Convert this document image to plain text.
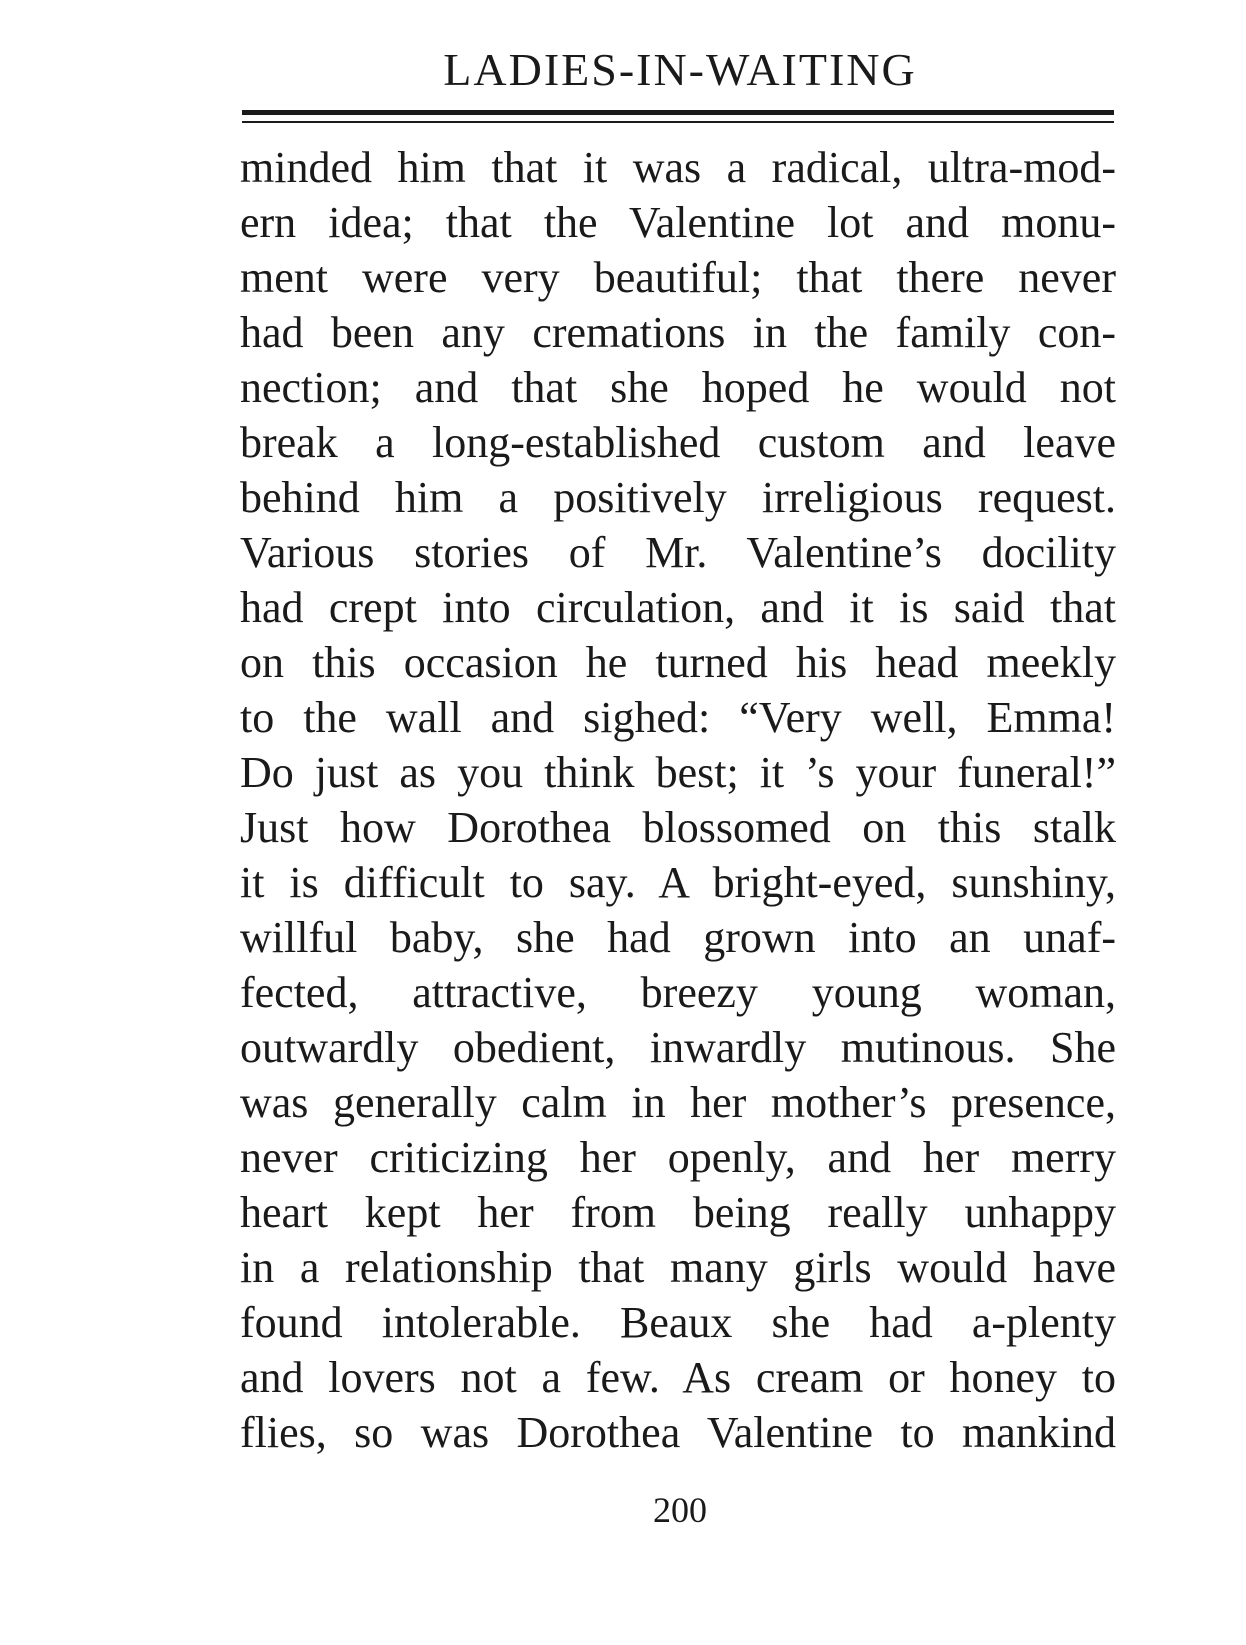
LADIES-IN-WAITING
minded him that it was a radical, ultra-mod-
ern idea; that the Valentine lot and monu-
ment were very beautiful; that there never
had been any cremations in the family con-
nection; and that she hoped he would not
break a long-established custom and leave
behind him a positively irreligious request.
Various stories of Mr. Valentine’s docility
had crept into circulation, and it is said that
on this occasion he turned his head meekly
to the wall and sighed: “Very well, Emma!
Do just as you think best; it ’s your funeral!”
Just how Dorothea blossomed on this stalk
it is difficult to say. A bright-eyed, sunshiny,
willful baby, she had grown into an unaf-
fected, attractive, breezy young woman,
outwardly obedient, inwardly mutinous. She
was generally calm in her mother’s presence,
never criticizing her openly, and her merry
heart kept her from being really unhappy
in a relationship that many girls would have
found intolerable. Beaux she had a-plenty
and lovers not a few. As cream or honey to
flies, so was Dorothea Valentine to mankind
200
